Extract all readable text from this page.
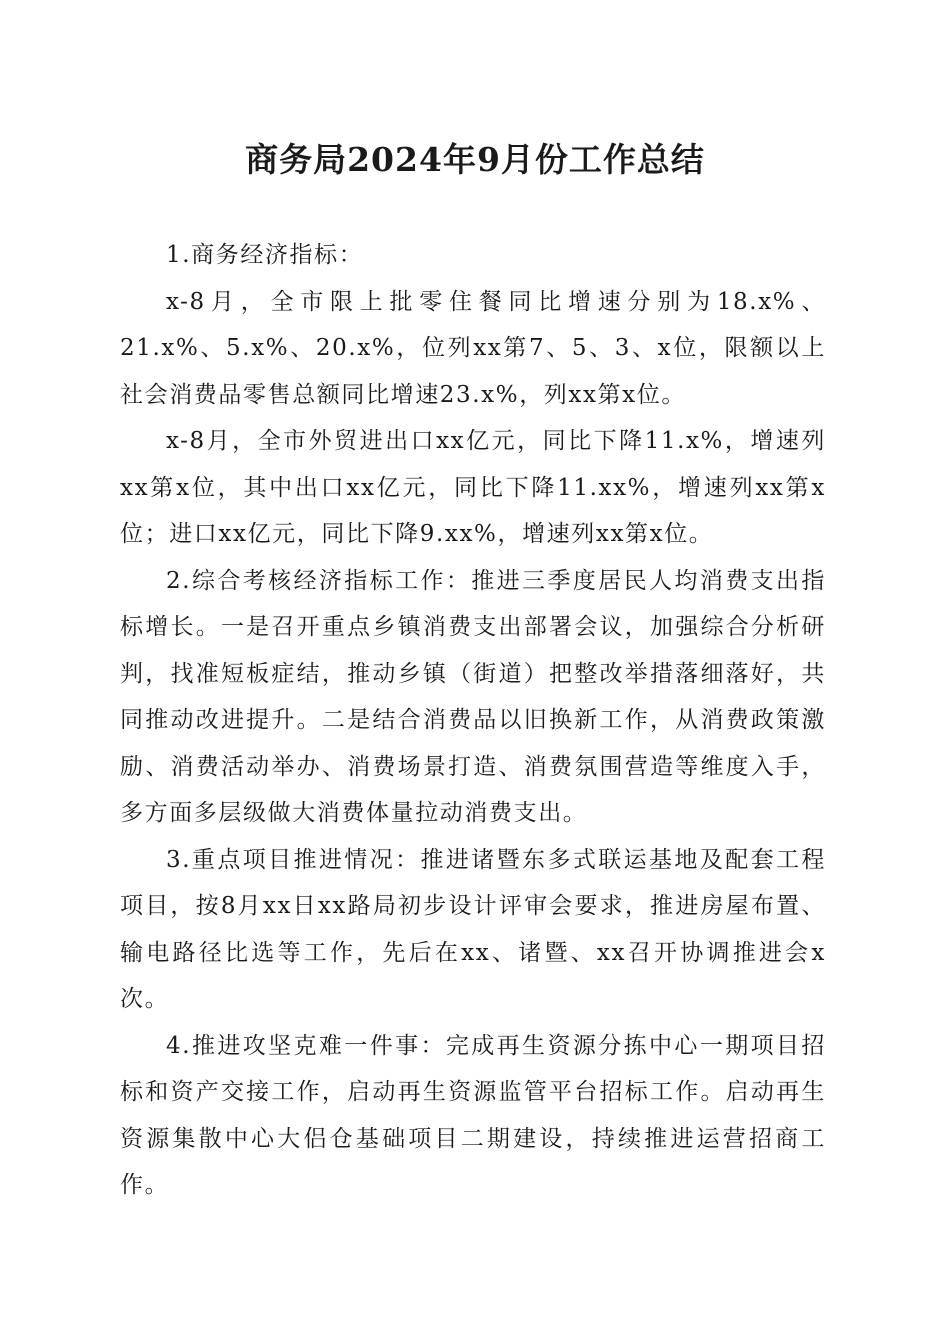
商务局2024年9月份工作总结

1.商务经济指标：

x-8月，全市限上批零住餐同比增速分别为18.x%、21.x%、5.x%、20.x%，位列xx第7、5、3、x位，限额以上社会消费品零售总额同比增速23.x%，列xx第x位。

x-8月，全市外贸进出口xx亿元，同比下降11.x%，增速列xx第x位，其中出口xx亿元，同比下降11.xx%，增速列xx第x位；进口xx亿元，同比下降9.xx%，增速列xx第x位。

2.综合考核经济指标工作：推进三季度居民人均消费支出指标增长。一是召开重点乡镇消费支出部署会议，加强综合分析研判，找准短板症结，推动乡镇（街道）把整改举措落细落好，共同推动改进提升。二是结合消费品以旧换新工作，从消费政策激励、消费活动举办、消费场景打造、消费氛围营造等维度入手，多方面多层级做大消费体量拉动消费支出。

3.重点项目推进情况：推进诸暨东多式联运基地及配套工程项目，按8月xx日xx路局初步设计评审会要求，推进房屋布置、输电路径比选等工作，先后在xx、诸暨、xx召开协调推进会x次。

4.推进攻坚克难一件事：完成再生资源分拣中心一期项目招标和资产交接工作，启动再生资源监管平台招标工作。启动再生资源集散中心大侣仓基础项目二期建设，持续推进运营招商工作。
